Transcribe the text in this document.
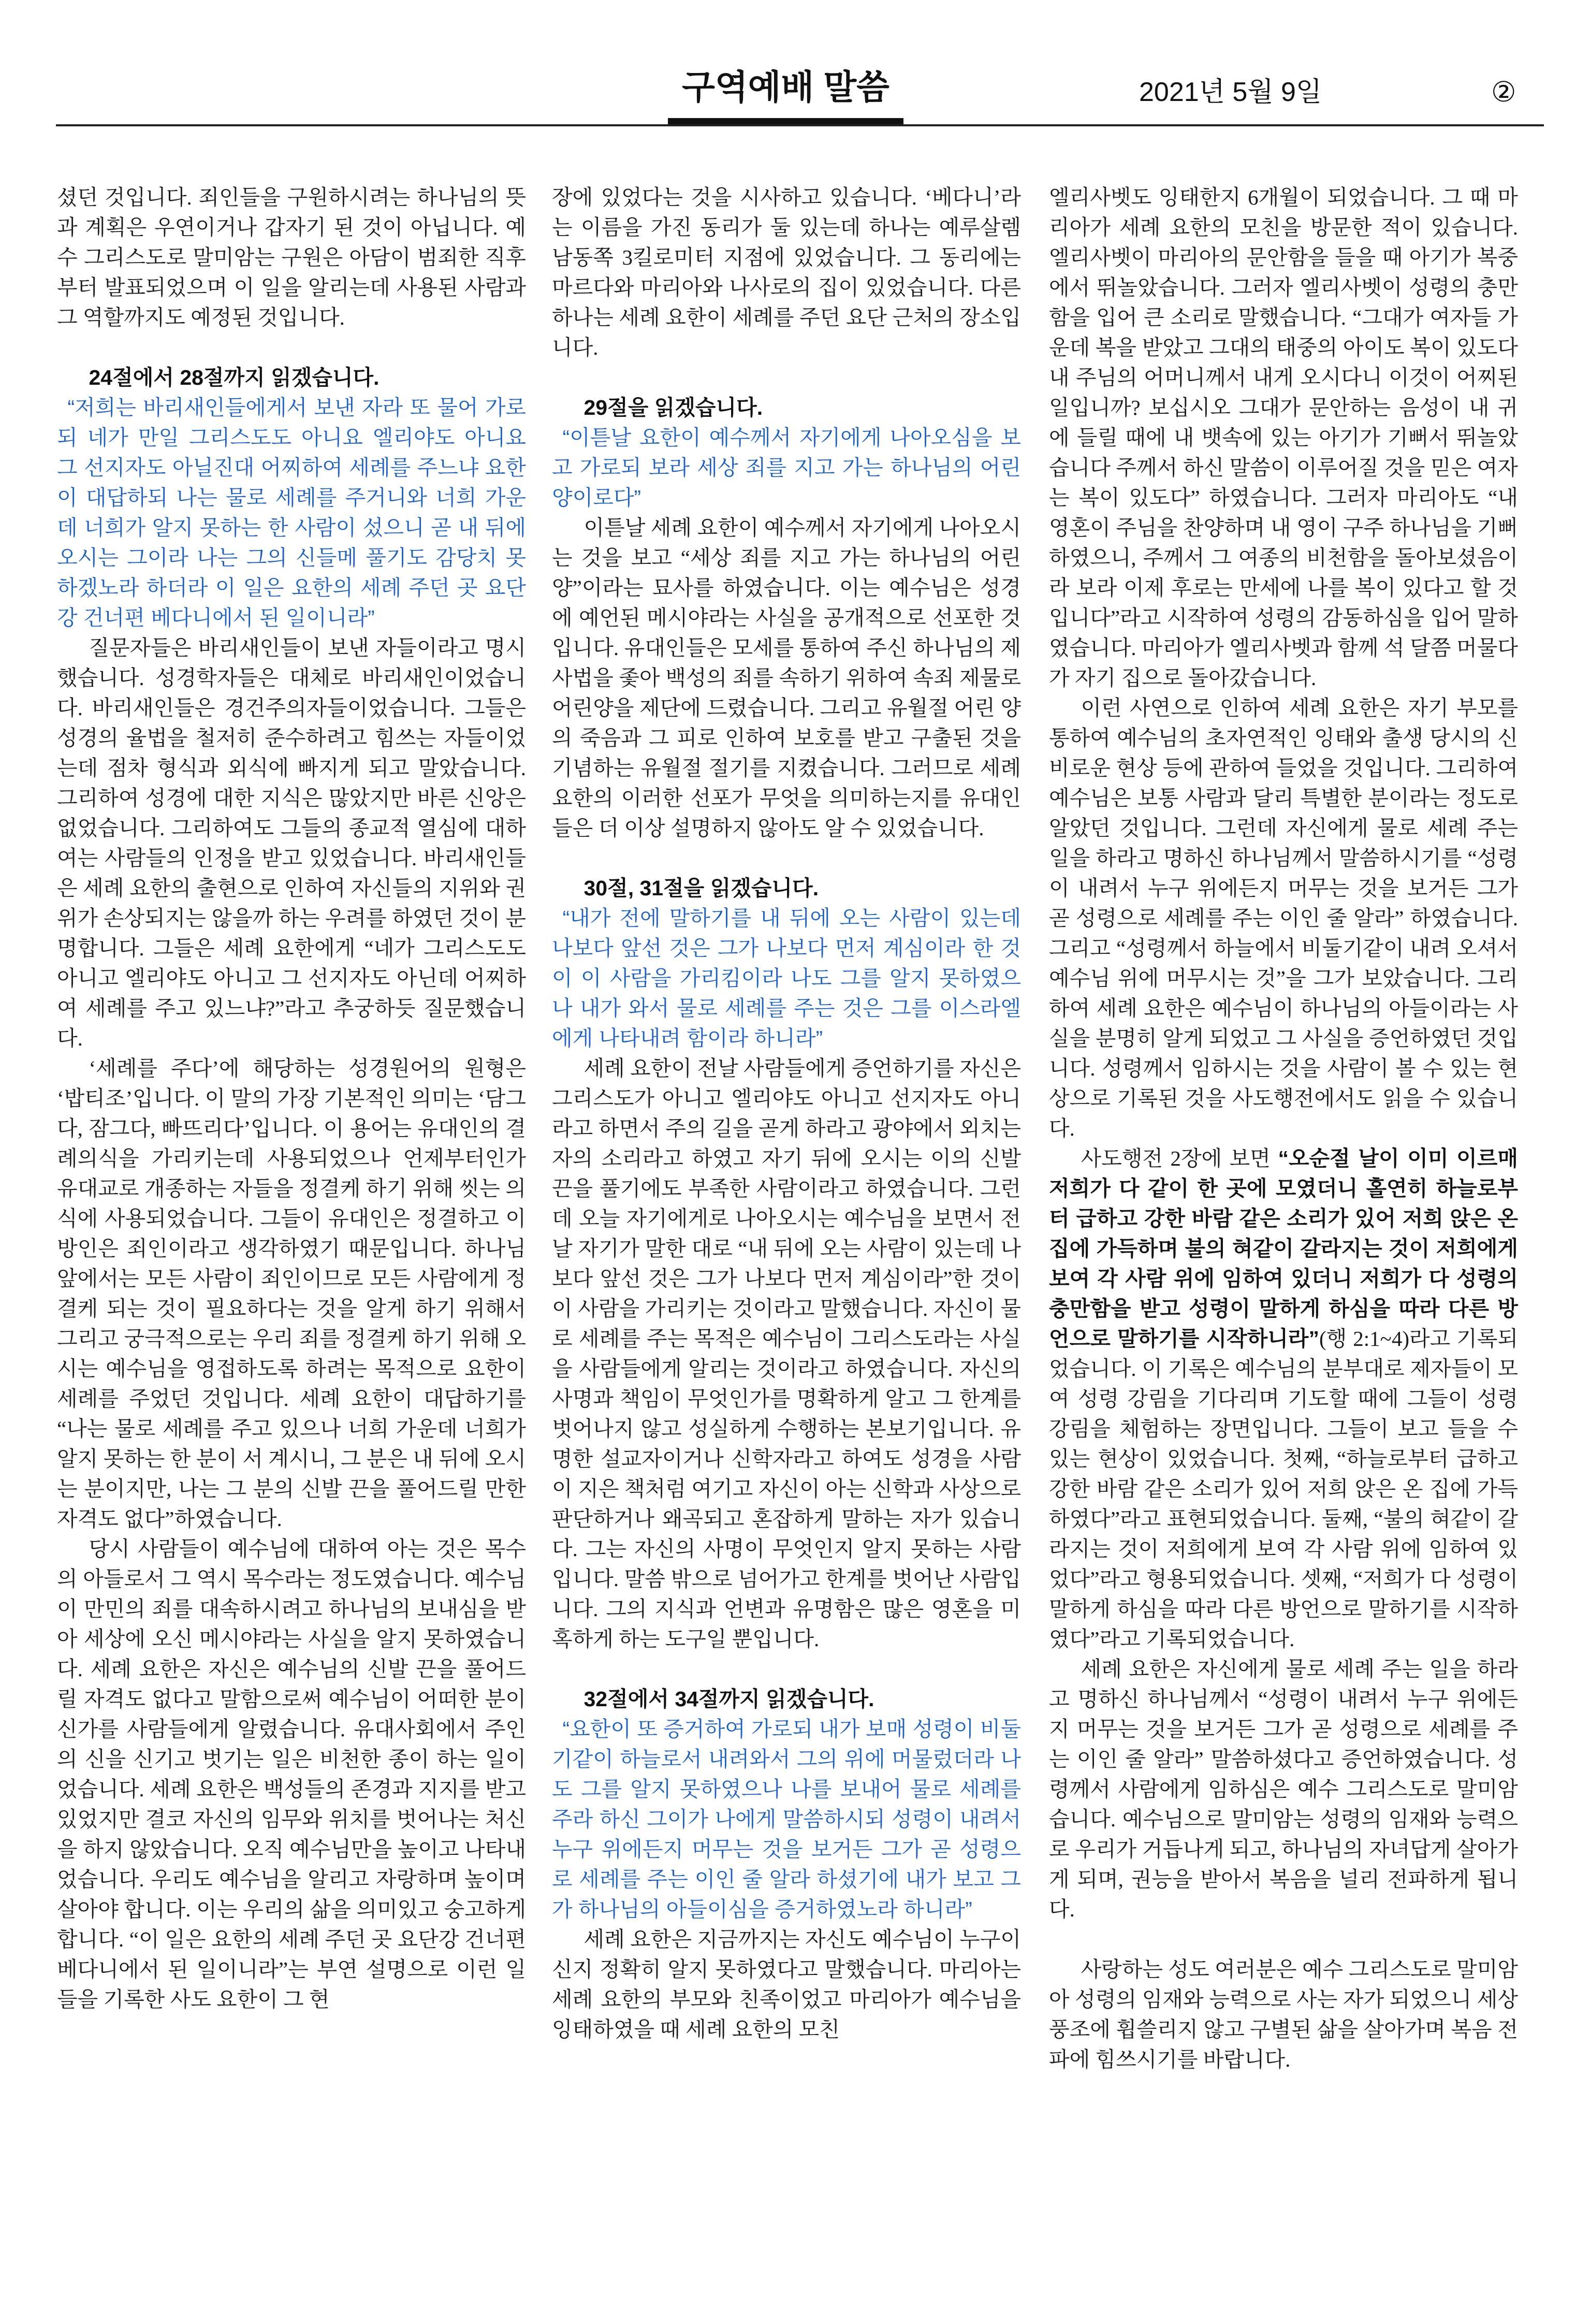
구역예배 말씀	2021년 5월 9일	②

셨던 것입니다. 죄인들을 구원하시려는 하나님의 뜻과 계획은 우연이거나 갑자기 된 것이 아닙니다. 예수 그리스도로 말미암는 구원은 아담이 범죄한 직후부터 발표되었으며 이 일을 알리는데 사용된 사람과 그 역할까지도 예정된 것입니다.

24절에서 28절까지 읽겠습니다.

“저희는 바리새인들에게서 보낸 자라 또 물어 가로되 네가 만일 그리스도도 아니요 엘리야도 아니요 그 선지자도 아닐진대 어찌하여 세례를 주느냐 요한이 대답하되 나는 물로 세례를 주거니와 너희 가운데 너희가 알지 못하는 한 사람이 섰으니 곧 내 뒤에 오시는 그이라 나는 그의 신들메 풀기도 감당치 못하겠노라 하더라 이 일은 요한의 세례 주던 곳 요단강 건너편 베다니에서 된 일이니라”

질문자들은 바리새인들이 보낸 자들이라고 명시했습니다. 성경학자들은 대체로 바리새인이었습니다. 바리새인들은 경건주의자들이었습니다. 그들은 성경의 율법을 철저히 준수하려고 힘쓰는 자들이었는데 점차 형식과 외식에 빠지게 되고 말았습니다. 그리하여 성경에 대한 지식은 많았지만 바른 신앙은 없었습니다. 그리하여도 그들의 종교적 열심에 대하여는 사람들의 인정을 받고 있었습니다. 바리새인들은 세례 요한의 출현으로 인하여 자신들의 지위와 권위가 손상되지는 않을까 하는 우려를 하였던 것이 분명합니다. 그들은 세례 요한에게 “네가 그리스도도 아니고 엘리야도 아니고 그 선지자도 아닌데 어찌하여 세례를 주고 있느냐?”라고 추궁하듯 질문했습니다.

‘세례를 주다’에 해당하는 성경원어의 원형은 ‘밥티조’입니다. 이 말의 가장 기본적인 의미는 ‘담그다, 잠그다, 빠뜨리다’입니다. 이 용어는 유대인의 결례의식을 가리키는데 사용되었으나 언제부터인가 유대교로 개종하는 자들을 정결케 하기 위해 씻는 의식에 사용되었습니다. 그들이 유대인은 정결하고 이방인은 죄인이라고 생각하였기 때문입니다. 하나님 앞에서는 모든 사람이 죄인이므로 모든 사람에게 정결케 되는 것이 필요하다는 것을 알게 하기 위해서 그리고 궁극적으로는 우리 죄를 정결케 하기 위해 오시는 예수님을 영접하도록 하려는 목적으로 요한이 세례를 주었던 것입니다. 세례 요한이 대답하기를 “나는 물로 세례를 주고 있으나 너희 가운데 너희가 알지 못하는 한 분이 서 계시니, 그 분은 내 뒤에 오시는 분이지만, 나는 그 분의 신발 끈을 풀어드릴 만한 자격도 없다”하였습니다.

당시 사람들이 예수님에 대하여 아는 것은 목수의 아들로서 그 역시 목수라는 정도였습니다. 예수님이 만민의 죄를 대속하시려고 하나님의 보내심을 받아 세상에 오신 메시야라는 사실을 알지 못하였습니다. 세례 요한은 자신은 예수님의 신발 끈을 풀어드릴 자격도 없다고 말함으로써 예수님이 어떠한 분이신가를 사람들에게 알렸습니다. 유대사회에서 주인의 신을 신기고 벗기는 일은 비천한 종이 하는 일이었습니다. 세례 요한은 백성들의 존경과 지지를 받고 있었지만 결코 자신의 임무와 위치를 벗어나는 처신을 하지 않았습니다. 오직 예수님만을 높이고 나타내었습니다. 우리도 예수님을 알리고 자랑하며 높이며 살아야 합니다. 이는 우리의 삶을 의미있고 숭고하게 합니다. “이 일은 요한의 세례 주던 곳 요단강 건너편 베다니에서 된 일이니라”는 부연 설명으로 이런 일들을 기록한 사도 요한이 그 현

장에 있었다는 것을 시사하고 있습니다. ‘베다니’라는 이름을 가진 동리가 둘 있는데 하나는 예루살렘 남동쪽 3킬로미터 지점에 있었습니다. 그 동리에는 마르다와 마리아와 나사로의 집이 있었습니다. 다른 하나는 세례 요한이 세례를 주던 요단 근처의 장소입니다.

29절을 읽겠습니다.

“이튿날 요한이 예수께서 자기에게 나아오심을 보고 가로되 보라 세상 죄를 지고 가는 하나님의 어린 양이로다”

이튿날 세례 요한이 예수께서 자기에게 나아오시는 것을 보고 “세상 죄를 지고 가는 하나님의 어린양”이라는 묘사를 하였습니다. 이는 예수님은 성경에 예언된 메시야라는 사실을 공개적으로 선포한 것입니다. 유대인들은 모세를 통하여 주신 하나님의 제사법을 좇아 백성의 죄를 속하기 위하여 속죄 제물로 어린양을 제단에 드렸습니다. 그리고 유월절 어린 양의 죽음과 그 피로 인하여 보호를 받고 구출된 것을 기념하는 유월절 절기를 지켰습니다. 그러므로 세례 요한의 이러한 선포가 무엇을 의미하는지를 유대인들은 더 이상 설명하지 않아도 알 수 있었습니다.

30절, 31절을 읽겠습니다.

“내가 전에 말하기를 내 뒤에 오는 사람이 있는데 나보다 앞선 것은 그가 나보다 먼저 계심이라 한 것이 이 사람을 가리킴이라 나도 그를 알지 못하였으나 내가 와서 물로 세례를 주는 것은 그를 이스라엘에게 나타내려 함이라 하니라”

세례 요한이 전날 사람들에게 증언하기를 자신은 그리스도가 아니고 엘리야도 아니고 선지자도 아니라고 하면서 주의 길을 곧게 하라고 광야에서 외치는 자의 소리라고 하였고 자기 뒤에 오시는 이의 신발 끈을 풀기에도 부족한 사람이라고 하였습니다. 그런데 오늘 자기에게로 나아오시는 예수님을 보면서 전날 자기가 말한 대로 “내 뒤에 오는 사람이 있는데 나보다 앞선 것은 그가 나보다 먼저 계심이라”한 것이 이 사람을 가리키는 것이라고 말했습니다. 자신이 물로 세례를 주는 목적은 예수님이 그리스도라는 사실을 사람들에게 알리는 것이라고 하였습니다. 자신의 사명과 책임이 무엇인가를 명확하게 알고 그 한계를 벗어나지 않고 성실하게 수행하는 본보기입니다. 유명한 설교자이거나 신학자라고 하여도 성경을 사람이 지은 책처럼 여기고 자신이 아는 신학과 사상으로 판단하거나 왜곡되고 혼잡하게 말하는 자가 있습니다. 그는 자신의 사명이 무엇인지 알지 못하는 사람입니다. 말씀 밖으로 넘어가고 한계를 벗어난 사람입니다. 그의 지식과 언변과 유명함은 많은 영혼을 미혹하게 하는 도구일 뿐입니다.

32절에서 34절까지 읽겠습니다.

“요한이 또 증거하여 가로되 내가 보매 성령이 비둘기같이 하늘로서 내려와서 그의 위에 머물렀더라 나도 그를 알지 못하였으나 나를 보내어 물로 세례를 주라 하신 그이가 나에게 말씀하시되 성령이 내려서 누구 위에든지 머무는 것을 보거든 그가 곧 성령으로 세례를 주는 이인 줄 알라 하셨기에 내가 보고 그가 하나님의 아들이심을 증거하였노라 하니라”

세례 요한은 지금까지는 자신도 예수님이 누구이신지 정확히 알지 못하였다고 말했습니다. 마리아는 세례 요한의 부모와 친족이었고 마리아가 예수님을 잉태하였을 때 세례 요한의 모친

엘리사벳도 잉태한지 6개월이 되었습니다. 그 때 마리아가 세례 요한의 모친을 방문한 적이 있습니다. 엘리사벳이 마리아의 문안함을 들을 때 아기가 복중에서 뛰놀았습니다. 그러자 엘리사벳이 성령의 충만함을 입어 큰 소리로 말했습니다. “그대가 여자들 가운데 복을 받았고 그대의 태중의 아이도 복이 있도다 내 주님의 어머니께서 내게 오시다니 이것이 어찌된 일입니까? 보십시오 그대가 문안하는 음성이 내 귀에 들릴 때에 내 뱃속에 있는 아기가 기뻐서 뛰놀았습니다 주께서 하신 말씀이 이루어질 것을 믿은 여자는 복이 있도다” 하였습니다. 그러자 마리아도 “내 영혼이 주님을 찬양하며 내 영이 구주 하나님을 기뻐하였으니, 주께서 그 여종의 비천함을 돌아보셨음이라 보라 이제 후로는 만세에 나를 복이 있다고 할 것입니다”라고 시작하여 성령의 감동하심을 입어 말하였습니다. 마리아가 엘리사벳과 함께 석 달쯤 머물다가 자기 집으로 돌아갔습니다.

이런 사연으로 인하여 세례 요한은 자기 부모를 통하여 예수님의 초자연적인 잉태와 출생 당시의 신비로운 현상 등에 관하여 들었을 것입니다. 그리하여 예수님은 보통 사람과 달리 특별한 분이라는 정도로 알았던 것입니다. 그런데 자신에게 물로 세례 주는 일을 하라고 명하신 하나님께서 말씀하시기를 “성령이 내려서 누구 위에든지 머무는 것을 보거든 그가 곧 성령으로 세례를 주는 이인 줄 알라” 하였습니다. 그리고 “성령께서 하늘에서 비둘기같이 내려 오셔서 예수님 위에 머무시는 것”을 그가 보았습니다. 그리하여 세례 요한은 예수님이 하나님의 아들이라는 사실을 분명히 알게 되었고 그 사실을 증언하였던 것입니다. 성령께서 임하시는 것을 사람이 볼 수 있는 현상으로 기록된 것을 사도행전에서도 읽을 수 있습니다.

사도행전 2장에 보면 “오순절 날이 이미 이르매 저희가 다 같이 한 곳에 모였더니 홀연히 하늘로부터 급하고 강한 바람 같은 소리가 있어 저희 앉은 온 집에 가득하며 불의 혀같이 갈라지는 것이 저희에게 보여 각 사람 위에 임하여 있더니 저희가 다 성령의 충만함을 받고 성령이 말하게 하심을 따라 다른 방언으로 말하기를 시작하니라”(행 2:1~4)라고 기록되었습니다. 이 기록은 예수님의 분부대로 제자들이 모여 성령 강림을 기다리며 기도할 때에 그들이 성령 강림을 체험하는 장면입니다. 그들이 보고 들을 수 있는 현상이 있었습니다. 첫째, “하늘로부터 급하고 강한 바람 같은 소리가 있어 저희 앉은 온 집에 가득하였다”라고 표현되었습니다. 둘째, “불의 혀같이 갈라지는 것이 저희에게 보여 각 사람 위에 임하여 있었다”라고 형용되었습니다. 셋째, “저희가 다 성령이 말하게 하심을 따라 다른 방언으로 말하기를 시작하였다”라고 기록되었습니다.

세례 요한은 자신에게 물로 세례 주는 일을 하라고 명하신 하나님께서 “성령이 내려서 누구 위에든지 머무는 것을 보거든 그가 곧 성령으로 세례를 주는 이인 줄 알라” 말씀하셨다고 증언하였습니다. 성령께서 사람에게 임하심은 예수 그리스도로 말미암습니다. 예수님으로 말미암는 성령의 임재와 능력으로 우리가 거듭나게 되고, 하나님의 자녀답게 살아가게 되며, 권능을 받아서 복음을 널리 전파하게 됩니다.

사랑하는 성도 여러분은 예수 그리스도로 말미암아 성령의 임재와 능력으로 사는 자가 되었으니 세상 풍조에 휩쓸리지 않고 구별된 삶을 살아가며 복음 전파에 힘쓰시기를 바랍니다.
